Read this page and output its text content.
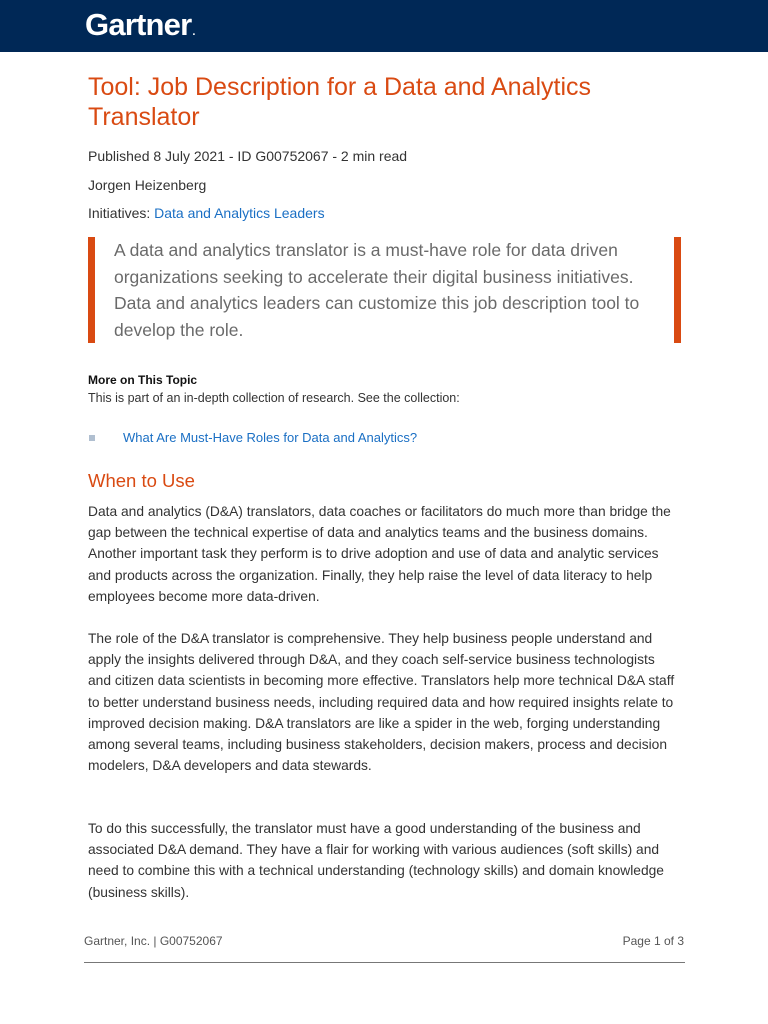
Gartner.
Tool: Job Description for a Data and Analytics Translator
Published 8 July 2021 - ID G00752067 - 2 min read
Jorgen Heizenberg
Initiatives: Data and Analytics Leaders

A data and analytics translator is a must-have role for data driven organizations seeking to accelerate their digital business initiatives. Data and analytics leaders can customize this job description tool to develop the role.

More on This Topic
This is part of an in-depth collection of research. See the collection:
What Are Must-Have Roles for Data and Analytics?
When to Use

Data and analytics (D&A) translators, data coaches or facilitators do much more than bridge the gap between the technical expertise of data and analytics teams and the business domains. Another important task they perform is to drive adoption and use of data and analytic services and products across the organization. Finally, they help raise the level of data literacy to help employees become more data-driven.

The role of the D&A translator is comprehensive. They help business people understand and apply the insights delivered through D&A, and they coach self-service business technologists and citizen data scientists in becoming more effective. Translators help more technical D&A staff to better understand business needs, including required data and how required insights relate to improved decision making. D&A translators are like a spider in the web, forging understanding among several teams, including business stakeholders, decision makers, process and decision modelers, D&A developers and data stewards.

To do this successfully, the translator must have a good understanding of the business and associated D&A demand. They have a flair for working with various audiences (soft skills) and need to combine this with a technical understanding (technology skills) and domain knowledge (business skills).

Gartner, Inc. | G00752067	Page 1 of 3
